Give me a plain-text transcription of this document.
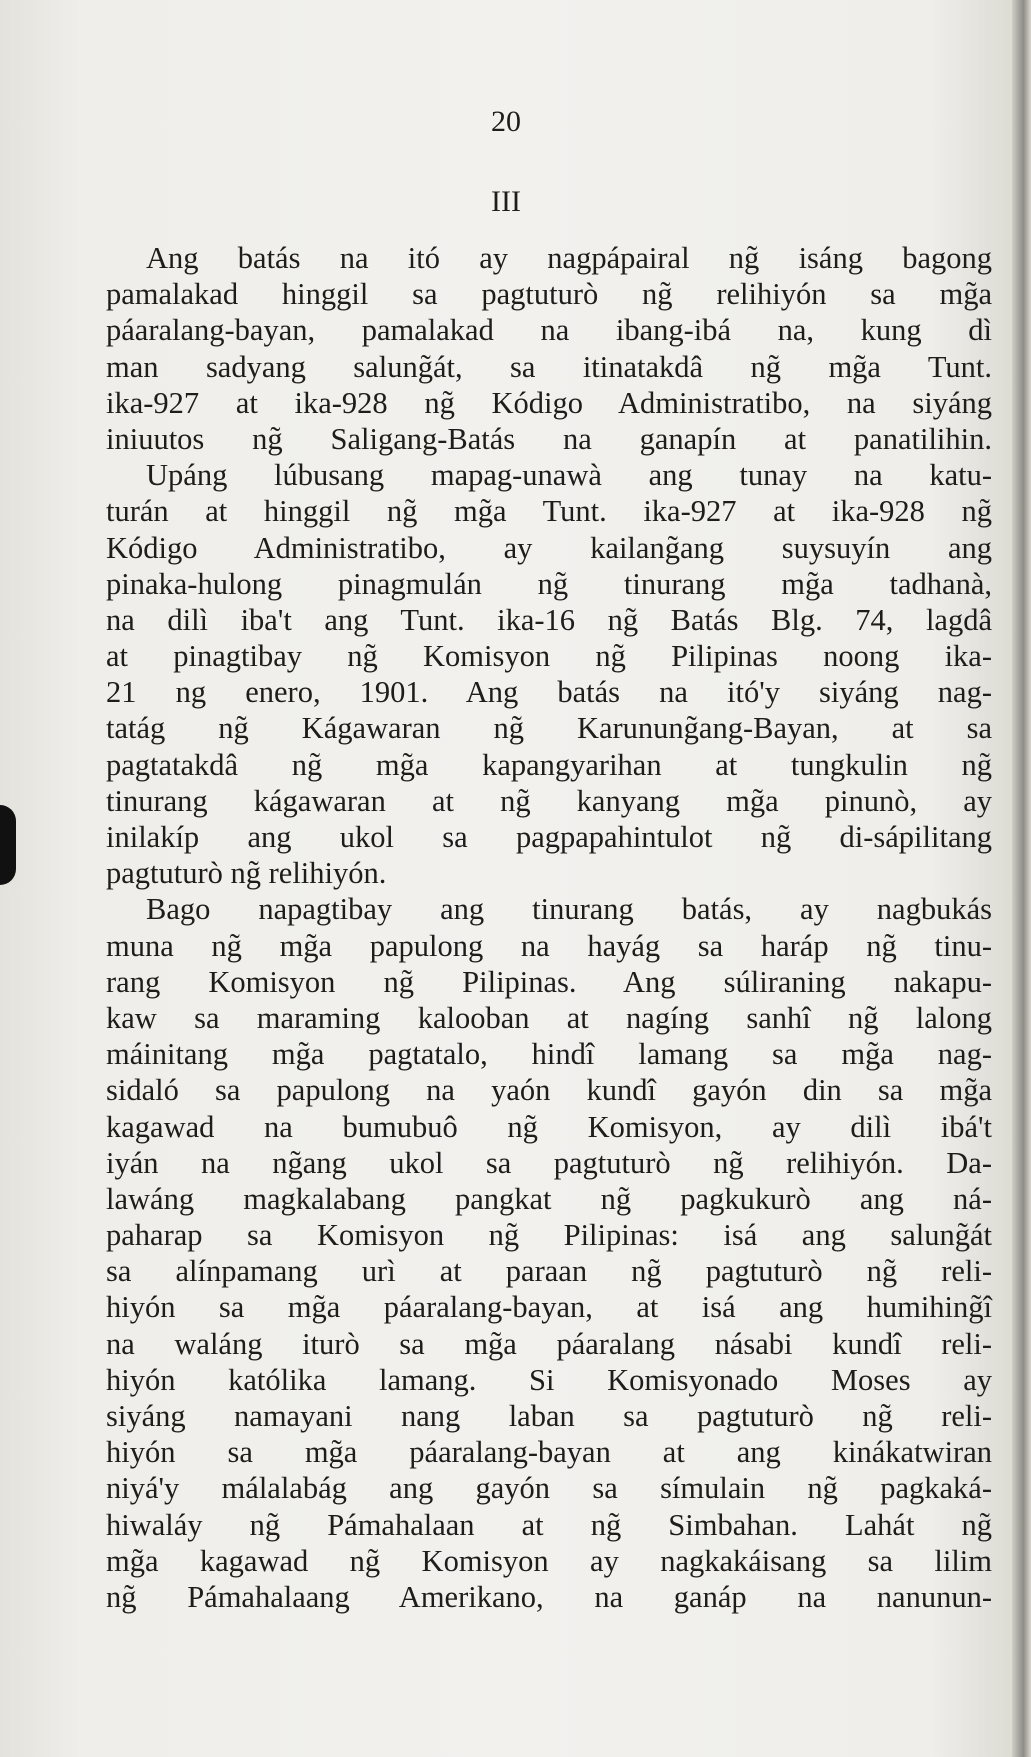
20
III
Ang batás na itó ay nagpápairal ng̃ isáng bagong
pamalakad hinggil sa pagtuturò ng̃ relihiyón sa mg̃a
páaralang-bayan, pamalakad na ibang-ibá na, kung dì
man sadyang salung̃át, sa itinatakdâ ng̃ mg̃a Tunt.
ika-927 at ika-928 ng̃ Kódigo Administratibo, na siyáng
iniuutos ng̃ Saligang-Batás na ganapín at panatilihin.
Upáng lúbusang mapag-unawà ang tunay na katu-
turán at hinggil ng̃ mg̃a Tunt. ika-927 at ika-928 ng̃
Kódigo Administratibo, ay kailang̃ang suysuyín ang
pinaka-hulong pinagmulán ng̃ tinurang mg̃a tadhanà,
na dilì iba't ang Tunt. ika-16 ng̃ Batás Blg. 74, lagdâ
at pinagtibay ng̃ Komisyon ng̃ Pilipinas noong ika-
21 ng enero, 1901. Ang batás na itó'y siyáng nag-
tatág ng̃ Kágawaran ng̃ Karunung̃ang-Bayan, at sa
pagtatakdâ ng̃ mg̃a kapangyarihan at tungkulin ng̃
tinurang kágawaran at ng̃ kanyang mg̃a pinunò, ay
inilakíp ang ukol sa pagpapahintulot ng̃ di-sápilitang
pagtuturò ng̃ relihiyón.
Bago napagtibay ang tinurang batás, ay nagbukás
muna ng̃ mg̃a papulong na hayág sa haráp ng̃ tinu-
rang Komisyon ng̃ Pilipinas. Ang súliraning nakapu-
kaw sa maraming kalooban at nagíng sanhî ng̃ lalong
máinitang mg̃a pagtatalo, hindî lamang sa mg̃a nag-
sidaló sa papulong na yaón kundî gayón din sa mg̃a
kagawad na bumubuô ng̃ Komisyon, ay dilì ibá't
iyán na ng̃ang ukol sa pagtuturò ng̃ relihiyón. Da-
lawáng magkalabang pangkat ng̃ pagkukurò ang ná-
paharap sa Komisyon ng̃ Pilipinas: isá ang salung̃át
sa alínpamang urì at paraan ng̃ pagtuturò ng̃ reli-
hiyón sa mg̃a páaralang-bayan, at isá ang humihing̃î
na waláng iturò sa mg̃a páaralang násabi kundî reli-
hiyón katólika lamang. Si Komisyonado Moses ay
siyáng namayani nang laban sa pagtuturò ng̃ reli-
hiyón sa mg̃a páaralang-bayan at ang kinákatwiran
niyá'y málalabág ang gayón sa símulain ng̃ pagkaká-
hiwaláy ng̃ Pámahalaan at ng̃ Simbahan. Lahát ng̃
mg̃a kagawad ng̃ Komisyon ay nagkakáisang sa lilim
ng̃ Pámahalaang Amerikano, na ganáp na nanunun-
